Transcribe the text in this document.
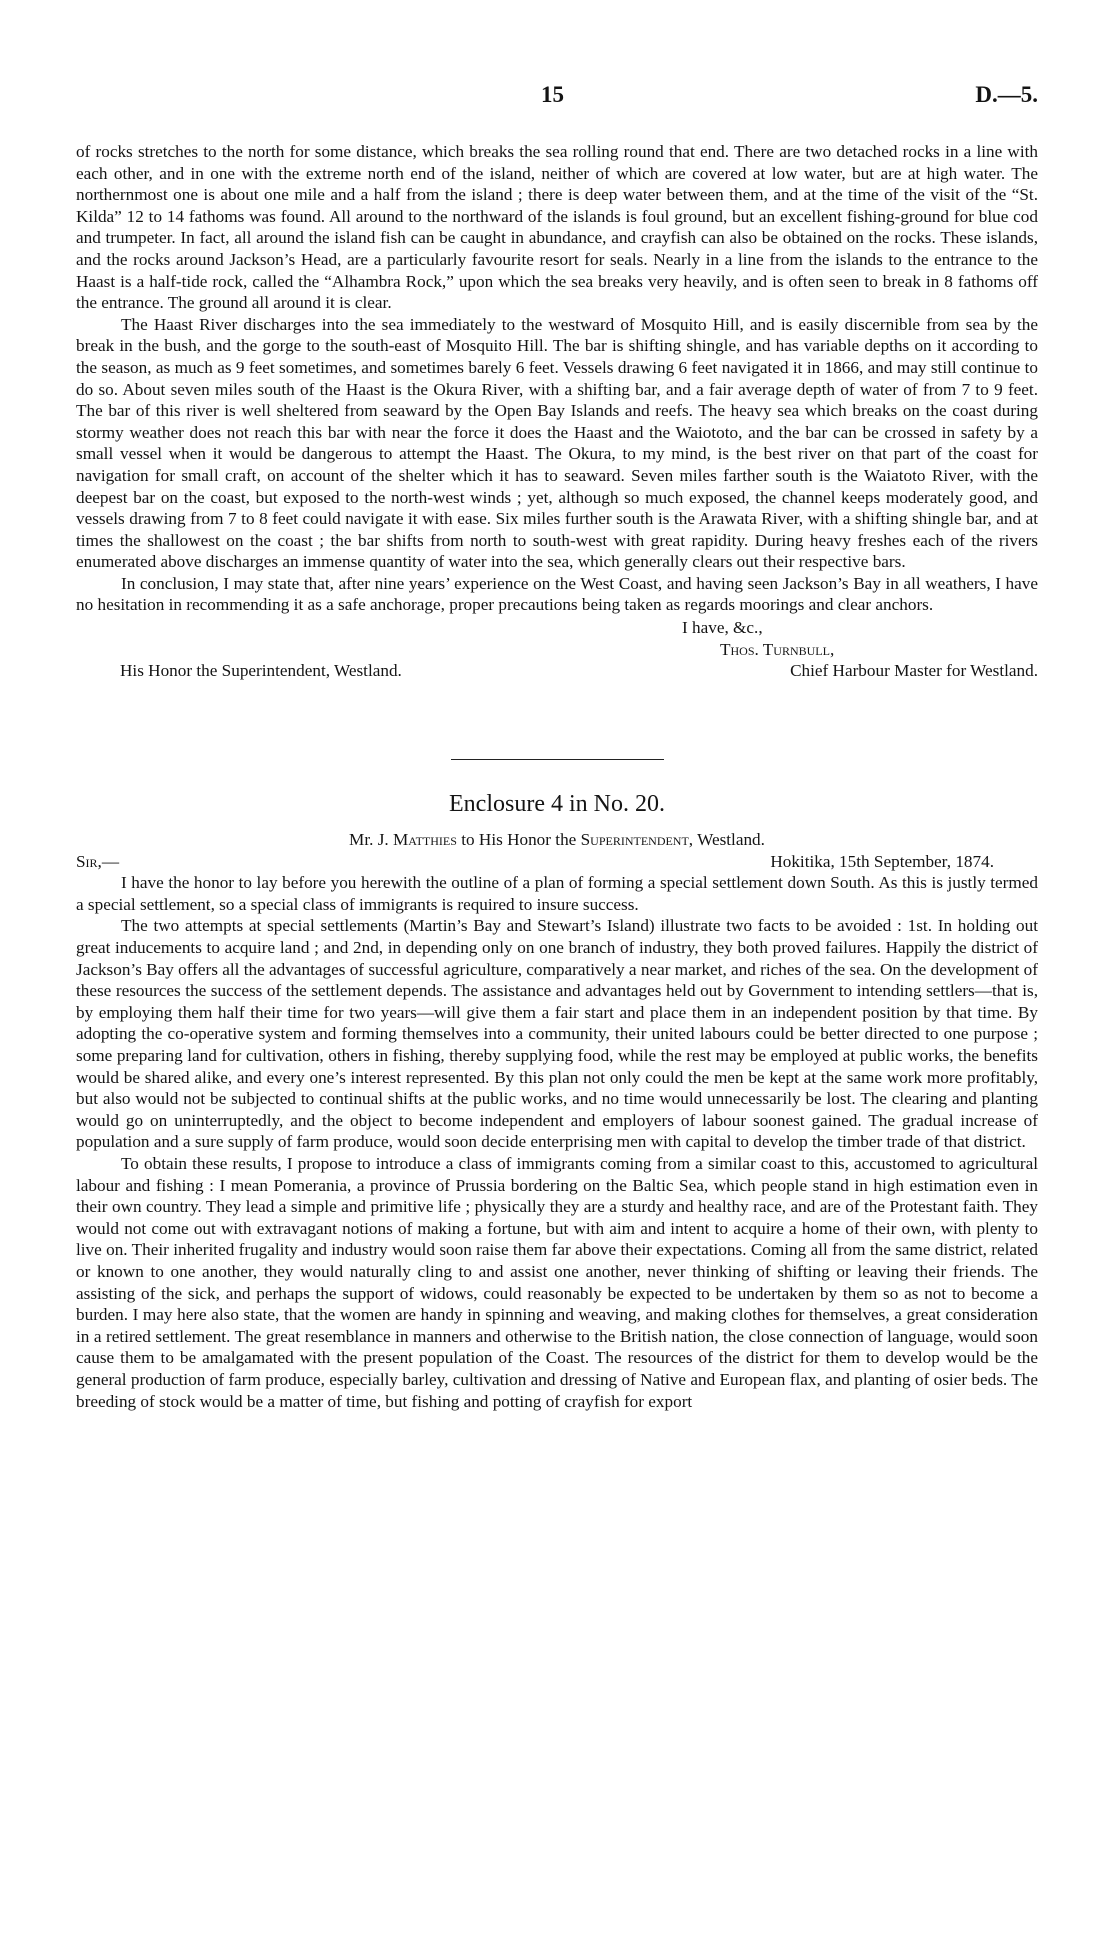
15	D.—5.

of rocks stretches to the north for some distance, which breaks the sea rolling round that end. There are two detached rocks in a line with each other, and in one with the extreme north end of the island, neither of which are covered at low water, but are at high water. The northernmost one is about one mile and a half from the island ; there is deep water between them, and at the time of the visit of the “St. Kilda” 12 to 14 fathoms was found. All around to the northward of the islands is foul ground, but an excellent fishing-ground for blue cod and trumpeter. In fact, all around the island fish can be caught in abundance, and crayfish can also be obtained on the rocks. These islands, and the rocks around Jackson’s Head, are a particularly favourite resort for seals. Nearly in a line from the islands to the entrance to the Haast is a half-tide rock, called the “Alhambra Rock,” upon which the sea breaks very heavily, and is often seen to break in 8 fathoms off the entrance. The ground all around it is clear.

The Haast River discharges into the sea immediately to the westward of Mosquito Hill, and is easily discernible from sea by the break in the bush, and the gorge to the south-east of Mosquito Hill. The bar is shifting shingle, and has variable depths on it according to the season, as much as 9 feet sometimes, and sometimes barely 6 feet. Vessels drawing 6 feet navigated it in 1866, and may still continue to do so. About seven miles south of the Haast is the Okura River, with a shifting bar, and a fair average depth of water of from 7 to 9 feet. The bar of this river is well sheltered from seaward by the Open Bay Islands and reefs. The heavy sea which breaks on the coast during stormy weather does not reach this bar with near the force it does the Haast and the Waiototo, and the bar can be crossed in safety by a small vessel when it would be dangerous to attempt the Haast. The Okura, to my mind, is the best river on that part of the coast for navigation for small craft, on account of the shelter which it has to seaward. Seven miles farther south is the Waiatoto River, with the deepest bar on the coast, but exposed to the north-west winds ; yet, although so much exposed, the channel keeps moderately good, and vessels drawing from 7 to 8 feet could navigate it with ease. Six miles further south is the Arawata River, with a shifting shingle bar, and at times the shallowest on the coast ; the bar shifts from north to south-west with great rapidity. During heavy freshes each of the rivers enumerated above discharges an immense quantity of water into the sea, which generally clears out their respective bars.

In conclusion, I may state that, after nine years’ experience on the West Coast, and having seen Jackson’s Bay in all weathers, I have no hesitation in recommending it as a safe anchorage, proper precautions being taken as regards moorings and clear anchors.

I have, &c.,
Thos. Turnbull,
His Honor the Superintendent, Westland.	Chief Harbour Master for Westland.
Enclosure 4 in No. 20.
Mr. J. Matthies to His Honor the Superintendent, Westland.
Sir,—	Hokitika, 15th September, 1874.

I have the honor to lay before you herewith the outline of a plan of forming a special settlement down South. As this is justly termed a special settlement, so a special class of immigrants is required to insure success.

The two attempts at special settlements (Martin’s Bay and Stewart’s Island) illustrate two facts to be avoided : 1st. In holding out great inducements to acquire land ; and 2nd, in depending only on one branch of industry, they both proved failures. Happily the district of Jackson’s Bay offers all the advantages of successful agriculture, comparatively a near market, and riches of the sea. On the development of these resources the success of the settlement depends. The assistance and advantages held out by Government to intending settlers—that is, by employing them half their time for two years—will give them a fair start and place them in an independent position by that time. By adopting the co-operative system and forming themselves into a community, their united labours could be better directed to one purpose ; some preparing land for cultivation, others in fishing, thereby supplying food, while the rest may be employed at public works, the benefits would be shared alike, and every one’s interest represented. By this plan not only could the men be kept at the same work more profitably, but also would not be subjected to continual shifts at the public works, and no time would unnecessarily be lost. The clearing and planting would go on uninterruptedly, and the object to become independent and employers of labour soonest gained. The gradual increase of population and a sure supply of farm produce, would soon decide enterprising men with capital to develop the timber trade of that district.

To obtain these results, I propose to introduce a class of immigrants coming from a similar coast to this, accustomed to agricultural labour and fishing : I mean Pomerania, a province of Prussia bordering on the Baltic Sea, which people stand in high estimation even in their own country. They lead a simple and primitive life ; physically they are a sturdy and healthy race, and are of the Protestant faith. They would not come out with extravagant notions of making a fortune, but with aim and intent to acquire a home of their own, with plenty to live on. Their inherited frugality and industry would soon raise them far above their expectations. Coming all from the same district, related or known to one another, they would naturally cling to and assist one another, never thinking of shifting or leaving their friends. The assisting of the sick, and perhaps the support of widows, could reasonably be expected to be undertaken by them so as not to become a burden. I may here also state, that the women are handy in spinning and weaving, and making clothes for themselves, a great consideration in a retired settlement. The great resemblance in manners and otherwise to the British nation, the close connection of language, would soon cause them to be amalgamated with the present population of the Coast. The resources of the district for them to develop would be the general production of farm produce, especially barley, cultivation and dressing of Native and European flax, and planting of osier beds. The breeding of stock would be a matter of time, but fishing and potting of crayfish for export
